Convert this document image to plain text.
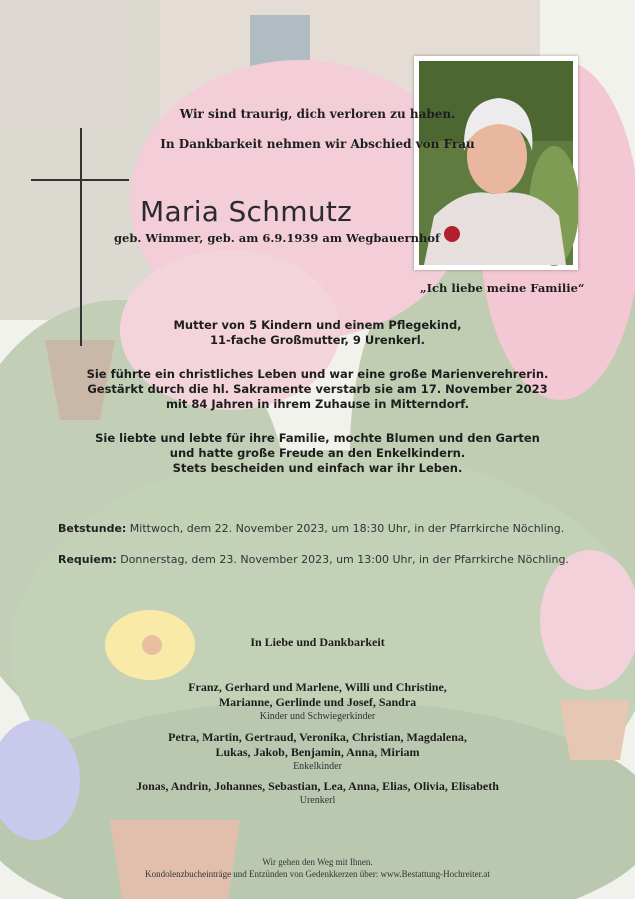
Wir sind traurig, dich verloren zu haben.
In Dankbarkeit nehmen wir Abschied von Frau
Maria Schmutz
geb. Wimmer, geb. am 6.9.1939 am Wegbauernhof
„Ich liebe meine Familie“
Mutter von 5 Kindern und einem Pflegekind,
11-fache Großmutter, 9 Urenkerl.
Sie führte ein christliches Leben und war eine große Marienverehrerin.
Gestärkt durch die hl. Sakramente verstarb sie am 17. November 2023
mit 84 Jahren in ihrem Zuhause in Mitterndorf.
Sie liebte und lebte für ihre Familie, mochte Blumen und den Garten
und hatte große Freude an den Enkelkindern.
Stets bescheiden und einfach war ihr Leben.
Betstunde: Mittwoch, dem 22. November 2023, um 18:30 Uhr, in der Pfarrkirche Nöchling.
Requiem: Donnerstag, dem 23. November 2023, um 13:00 Uhr, in der Pfarrkirche Nöchling.
In Liebe und Dankbarkeit
Franz, Gerhard und Marlene, Willi und Christine,
Marianne, Gerlinde und Josef, Sandra
Kinder und Schwiegerkinder
Petra, Martin, Gertraud, Veronika, Christian, Magdalena,
Lukas, Jakob, Benjamin, Anna, Miriam
Enkelkinder
Jonas, Andrin, Johannes, Sebastian, Lea, Anna, Elias, Olivia, Elisabeth
Urenkerl
Wir gehen den Weg mit Ihnen.
Kondolenzbucheinträge und Entzünden von Gedenkkerzen über: www.Bestattung-Hochreiter.at
